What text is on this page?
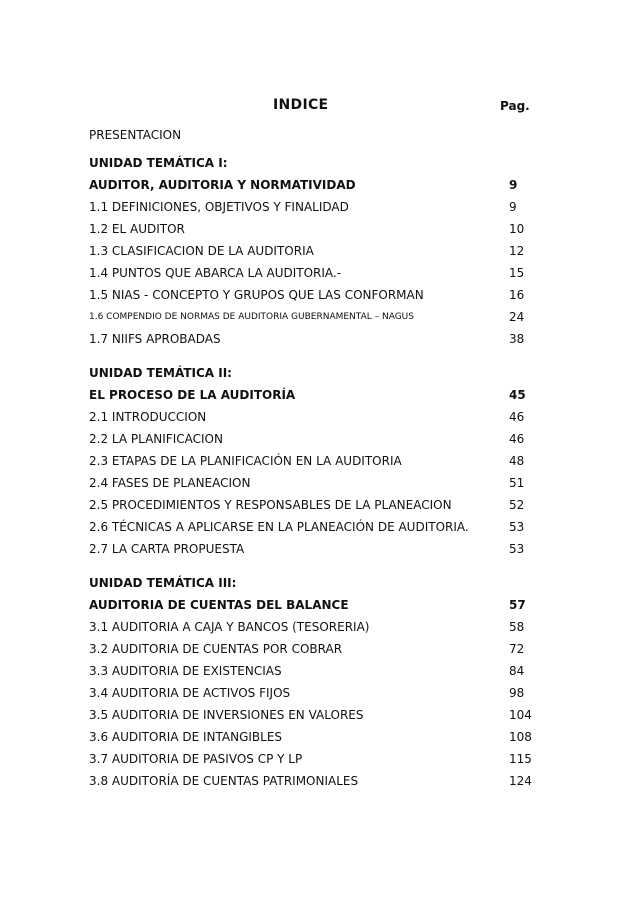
INDICE	Pag.
PRESENTACION
UNIDAD TEMÁTICA I:
AUDITOR, AUDITORIA Y NORMATIVIDAD	9
1.1 DEFINICIONES, OBJETIVOS Y FINALIDAD	9
1.2 EL AUDITOR	10
1.3 CLASIFICACION DE LA AUDITORIA	12
1.4 PUNTOS QUE ABARCA LA AUDITORIA.-	15
1.5 NIAS - CONCEPTO Y GRUPOS QUE LAS CONFORMAN	16
1.6 COMPENDIO DE NORMAS DE AUDITORIA GUBERNAMENTAL – NAGUS	24
1.7 NIIFS APROBADAS	38
UNIDAD TEMÁTICA II:
EL PROCESO DE LA AUDITORÍA	45
2.1 INTRODUCCION	46
2.2 LA PLANIFICACION	46
2.3 ETAPAS DE LA PLANIFICACIÓN EN LA AUDITORIA	48
2.4 FASES DE PLANEACION	51
2.5 PROCEDIMIENTOS Y RESPONSABLES DE LA PLANEACION	52
2.6 TÉCNICAS A APLICARSE EN LA PLANEACIÓN DE AUDITORIA.	53
2.7 LA CARTA PROPUESTA	53
UNIDAD TEMÁTICA III:
AUDITORIA DE CUENTAS DEL BALANCE	57
3.1 AUDITORIA A CAJA Y BANCOS (TESORERIA)	58
3.2 AUDITORIA DE CUENTAS POR COBRAR	72
3.3 AUDITORIA DE EXISTENCIAS	84
3.4 AUDITORIA DE ACTIVOS FIJOS	98
3.5 AUDITORIA DE INVERSIONES EN VALORES	104
3.6 AUDITORIA DE INTANGIBLES	108
3.7 AUDITORIA DE PASIVOS CP Y LP	115
3.8 AUDITORÍA DE CUENTAS PATRIMONIALES	124
